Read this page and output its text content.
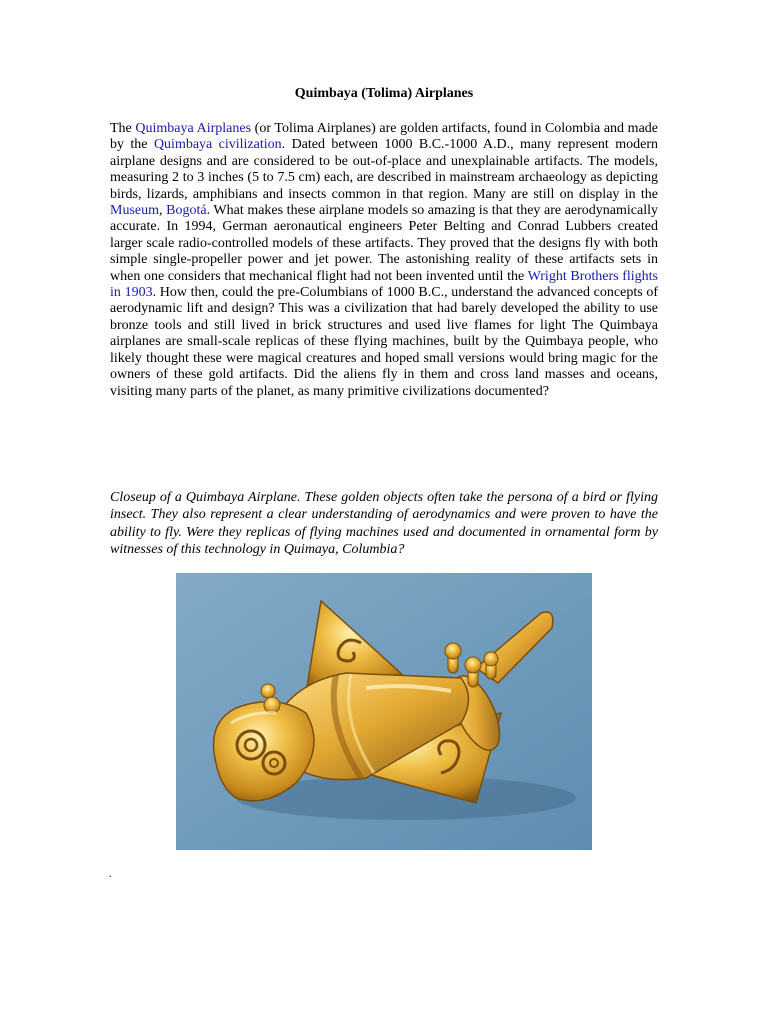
Quimbaya (Tolima) Airplanes
The Quimbaya Airplanes (or Tolima Airplanes) are golden artifacts, found in Colombia and made by the Quimbaya civilization. Dated between 1000 B.C.-1000 A.D., many represent modern airplane designs and are considered to be out-of-place and unexplainable artifacts. The models, measuring 2 to 3 inches (5 to 7.5 cm) each, are described in mainstream archaeology as depicting birds, lizards, amphibians and insects common in that region. Many are still on display in the Museum, Bogotá. What makes these airplane models so amazing is that they are aerodynamically accurate. In 1994, German aeronautical engineers Peter Belting and Conrad Lubbers created larger scale radio-controlled models of these artifacts. They proved that the designs fly with both simple single-propeller power and jet power. The astonishing reality of these artifacts sets in when one considers that mechanical flight had not been invented until the Wright Brothers flights in 1903. How then, could the pre-Columbians of 1000 B.C., understand the advanced concepts of aerodynamic lift and design? This was a civilization that had barely developed the ability to use bronze tools and still lived in brick structures and used live flames for light The Quimbaya airplanes are small-scale replicas of these flying machines, built by the Quimbaya people, who likely thought these were magical creatures and hoped small versions would bring magic for the owners of these gold artifacts. Did the aliens fly in them and cross land masses and oceans, visiting many parts of the planet, as many primitive civilizations documented?
Closeup of a Quimbaya Airplane. These golden objects often take the persona of a bird or flying insect. They also represent a clear understanding of aerodynamics and were proven to have the ability to fly. Were they replicas of flying machines used and documented in ornamental form by witnesses of this technology in Quimaya, Columbia?
.
